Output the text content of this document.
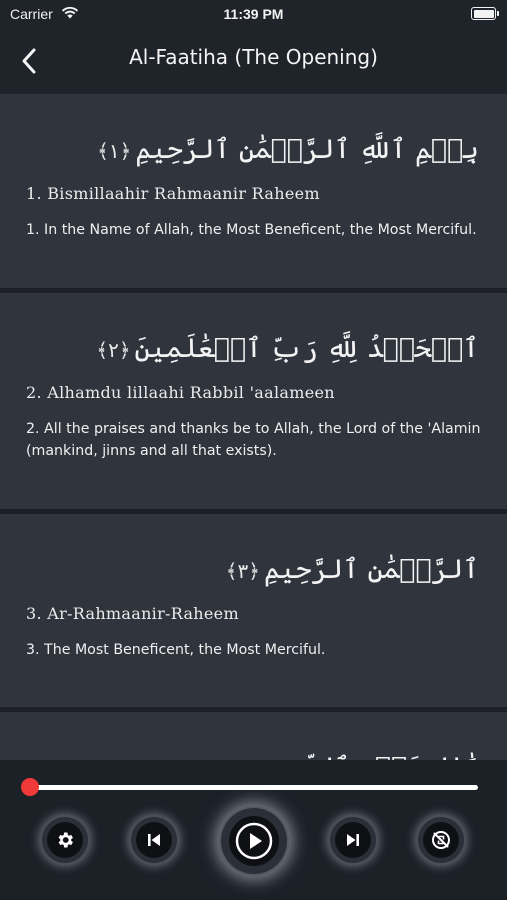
Carrier	11:39 PM
Al-Faatiha (The Opening)
بِسۡمِ ٱللَّهِ ٱلرَّحۡمَٰنِ ٱلرَّحِيمِ﴿١﴾
1. Bismillaahir Rahmaanir Raheem
1. In the Name of Allah, the Most Beneficent, the Most Merciful.
ٱلۡحَمۡدُ لِلَّهِ رَبِّ ٱلۡعَٰلَمِينَ﴿٢﴾
2. Alhamdu lillaahi Rabbil 'aalameen
2. All the praises and thanks be to Allah, the Lord of the 'Alamin (mankind, jinns and all that exists).
ٱلرَّحۡمَٰنِ ٱلرَّحِيمِ﴿٣﴾
3. Ar-Rahmaanir-Raheem
3. The Most Beneficent, the Most Merciful.
